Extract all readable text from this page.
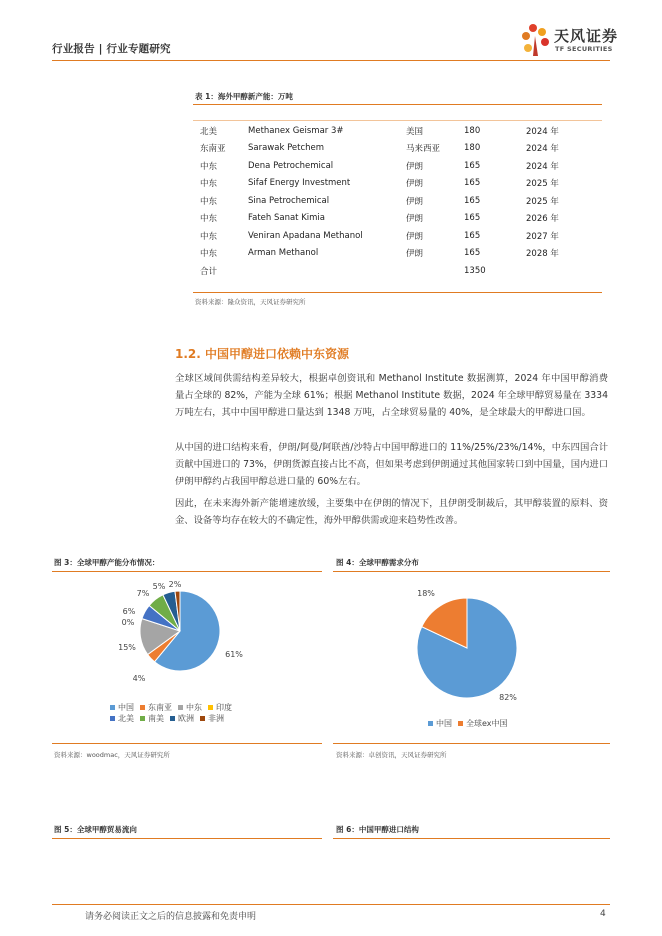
行业报告 | 行业专题研究
天风证券
TF SECURITIES
表 1：海外甲醇新产能：万吨
北美	Methanex Geismar 3#	美国	180	2024 年
东南亚	Sarawak Petchem	马来西亚	180	2024 年
中东	Dena Petrochemical	伊朗	165	2024 年
中东	Sifaf Energy Investment	伊朗	165	2025 年
中东	Sina Petrochemical	伊朗	165	2025 年
中东	Fateh Sanat Kimia	伊朗	165	2026 年
中东	Veniran Apadana Methanol	伊朗	165	2027 年
中东	Arman Methanol	伊朗	165	2028 年
合计			1350	
资料来源：隆众资讯，天风证券研究所
1.2. 中国甲醇进口依赖中东资源
全球区域间供需结构差异较大，根据卓创资讯和 Methanol Institute 数据测算，2024 年中国甲醇消费量占全球的 82%，产能为全球 61%；根据 Methanol Institute 数据，2024 年全球甲醇贸易量在 3334 万吨左右，其中中国甲醇进口量达到 1348 万吨，占全球贸易量的 40%，是全球最大的甲醇进口国。
从中国的进口结构来看，伊朗/阿曼/阿联酋/沙特占中国甲醇进口的 11%/25%/23%/14%，中东四国合计贡献中国进口的 73%，伊朗货源直接占比不高，但如果考虑到伊朗通过其他国家转口到中国量，国内进口伊朗甲醇约占我国甲醇总进口量的 60%左右。
因此，在未来海外新产能增速放缓，主要集中在伊朗的情况下，且伊朗受制裁后，其甲醇装置的原料、资金、设备等均存在较大的不确定性，海外甲醇供需或迎来趋势性改善。
图 3：全球甲醇产能分布情况：
61%
4%
15%
0%
6%
7%
5% 2%
中国 东南亚 中东 印度
北美 南美 欧洲 非洲
资料来源：woodmac，天风证券研究所
图 4：全球甲醇需求分布
82%
18%
中国 全球ex中国
资料来源：卓创资讯，天风证券研究所
图 5：全球甲醇贸易流向	图 6：中国甲醇进口结构
请务必阅读正文之后的信息披露和免责申明	4
